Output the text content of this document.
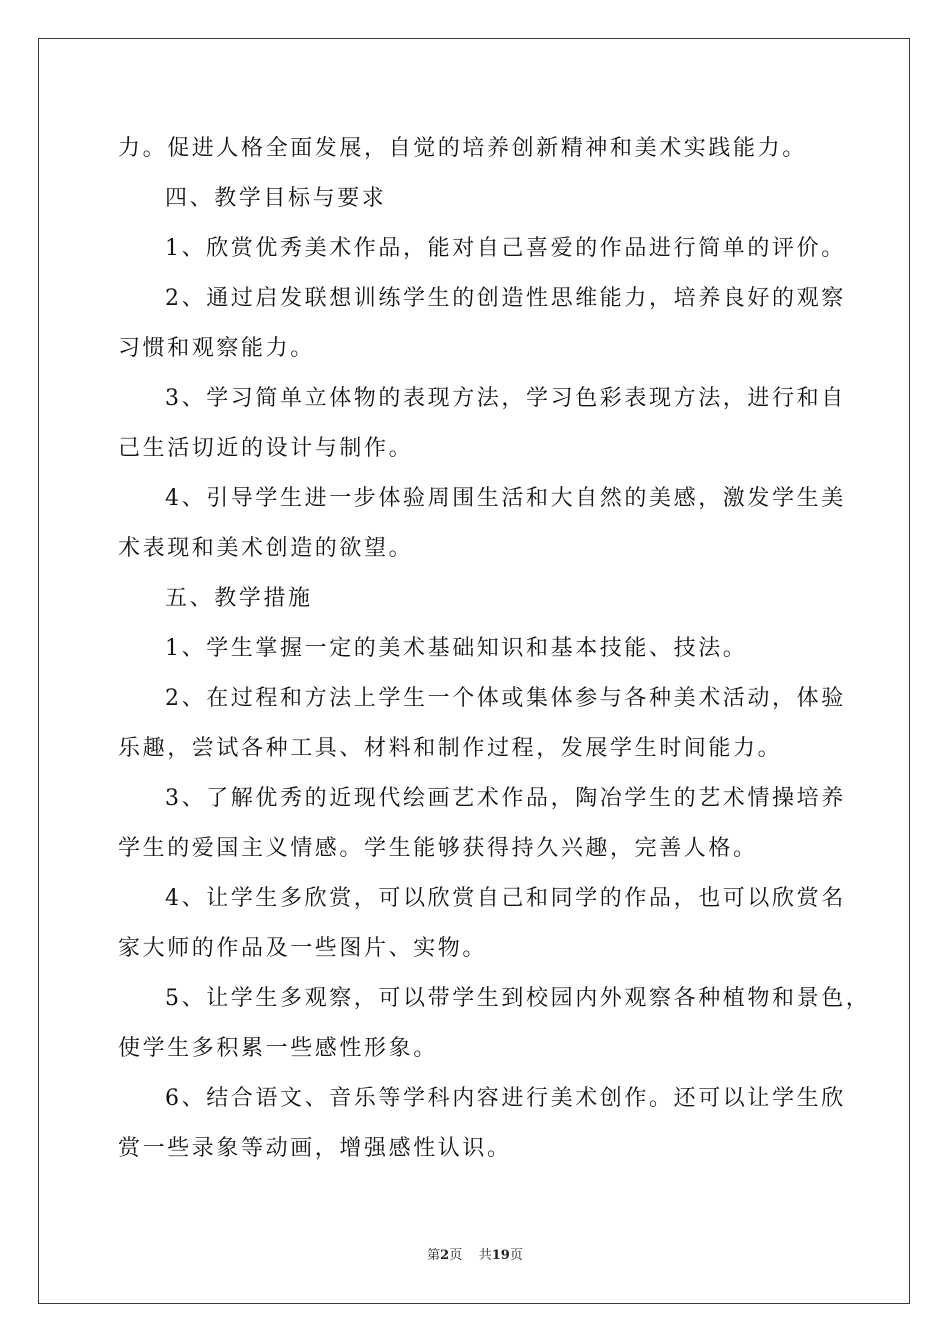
力。促进人格全面发展，自觉的培养创新精神和美术实践能力。
四、教学目标与要求
1、欣赏优秀美术作品，能对自己喜爱的作品进行简单的评价。
2、通过启发联想训练学生的创造性思维能力，培养良好的观察
习惯和观察能力。
3、学习简单立体物的表现方法，学习色彩表现方法，进行和自
己生活切近的设计与制作。
4、引导学生进一步体验周围生活和大自然的美感，激发学生美
术表现和美术创造的欲望。
五、教学措施
1、学生掌握一定的美术基础知识和基本技能、技法。
2、在过程和方法上学生一个体或集体参与各种美术活动，体验
乐趣，尝试各种工具、材料和制作过程，发展学生时间能力。
3、了解优秀的近现代绘画艺术作品，陶冶学生的艺术情操培养
学生的爱国主义情感。学生能够获得持久兴趣，完善人格。
4、让学生多欣赏，可以欣赏自己和同学的作品，也可以欣赏名
家大师的作品及一些图片、实物。
5、让学生多观察，可以带学生到校园内外观察各种植物和景色，
使学生多积累一些感性形象。
6、结合语文、音乐等学科内容进行美术创作。还可以让学生欣
赏一些录象等动画，增强感性认识。
第2页 共19页
